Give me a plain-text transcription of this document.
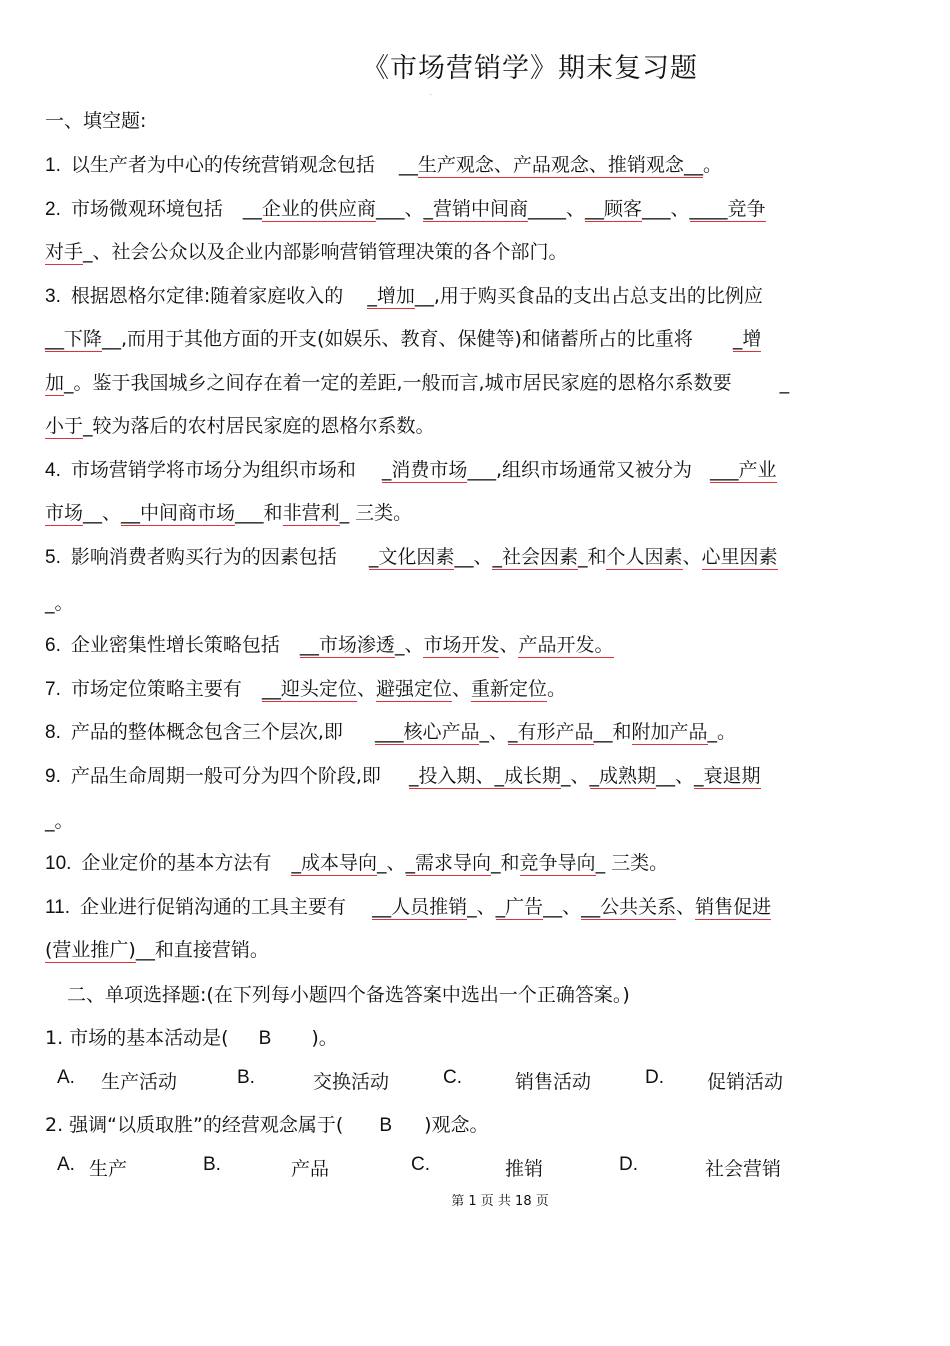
《市场营销学》期末复习题
·
一、填空题:
1. 以生产者为中心的传统营销观念包括 __生产观念、产品观念、推销观念__。
2. 市场微观环境包括 __企业的供应商___、_营销中间商____、__顾客___、____竞争
对手_、社会公众以及企业内部影响营销管理决策的各个部门。
3. 根据恩格尔定律:随着家庭收入的 _增加__,用于购买食品的支出占总支出的比例应
__下降__,而用于其他方面的开支(如娱乐、教育、保健等)和储蓄所占的比重将 _增
加_。鉴于我国城乡之间存在着一定的差距,一般而言,城市居民家庭的恩格尔系数要	_
小于_较为落后的农村居民家庭的恩格尔系数。
4. 市场营销学将市场分为组织市场和 _消费市场___,组织市场通常又被分为 ___产业
市场__、__中间商市场___和非营利_ 三类。
5. 影响消费者购买行为的因素包括 _文化因素__、_社会因素_和个人因素、心里因素
_。
6. 企业密集性增长策略包括 __市场渗透_、市场开发、产品开发。
7. 市场定位策略主要有 __迎头定位、避强定位、重新定位。
8. 产品的整体概念包含三个层次,即 ___核心产品_、_有形产品__和附加产品_。
9. 产品生命周期一般可分为四个阶段,即 _投入期、_成长期_、_成熟期__、_衰退期
_。
10. 企业定价的基本方法有 _成本导向_、_需求导向_和竞争导向_ 三类。
11. 企业进行促销沟通的工具主要有 __人员推销_、_广告__、__公共关系、销售促进
(营业推广)__和直接营销。
二、单项选择题:(在下列每小题四个备选答案中选出一个正确答案。)
1. 市场的基本活动是( B )。
A. 生产活动	B.	交换活动	C.	销售活动	D. 促销活动
2. 强调“以质取胜”的经营观念属于( B )观念。
A. 生产	B.	产品	C.	推销	D.	社会营销
第 1 页 共 18 页
